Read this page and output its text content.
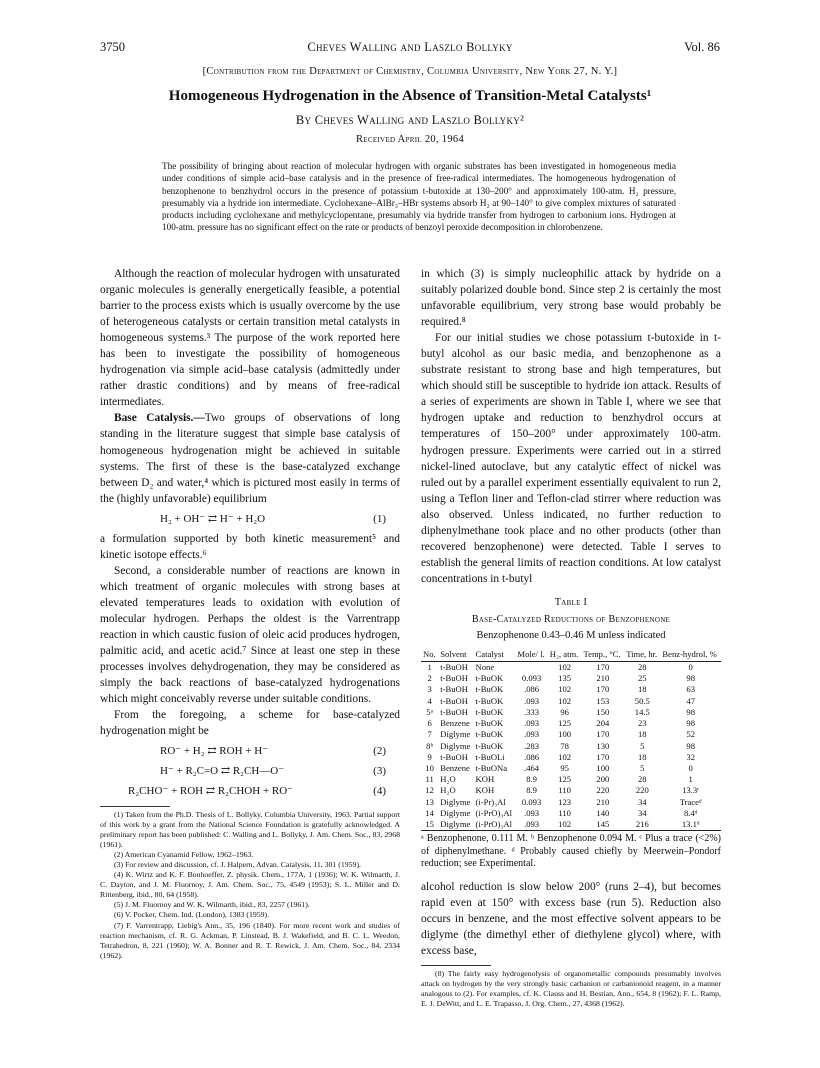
3750	Cheves Walling and Laszlo Bollyky	Vol. 86
[Contribution from the Department of Chemistry, Columbia University, New York 27, N. Y.]
Homogeneous Hydrogenation in the Absence of Transition-Metal Catalysts¹
By Cheves Walling and Laszlo Bollyky²
Received April 20, 1964
The possibility of bringing about reaction of molecular hydrogen with organic substrates has been investigated in homogeneous media under conditions of simple acid–base catalysis and in the presence of free-radical intermediates. The homogeneous hydrogenation of benzophenone to benzhydrol occurs in the presence of potassium t-butoxide at 130–200° and approximately 100-atm. H₂ pressure, presumably via a hydride ion intermediate. Cyclohexane–AlBr₃–HBr systems absorb H₂ at 90–140° to give complex mixtures of saturated products including cyclohexane and methylcyclopentane, presumably via hydride transfer from hydrogen to carbonium ions. Hydrogen at 100-atm. pressure has no significant effect on the rate or products of benzoyl peroxide decomposition in chlorobenzene.

Although the reaction of molecular hydrogen with unsaturated organic molecules is generally energetically feasible, a potential barrier to the process exists which is usually overcome by the use of heterogeneous catalysts or certain transition metal catalysts in homogeneous systems.³ The purpose of the work reported here has been to investigate the possibility of homogeneous hydrogenation via simple acid–base catalysis (admittedly under rather drastic conditions) and by means of free-radical intermediates.

Base Catalysis.—Two groups of observations of long standing in the literature suggest that simple base catalysis of homogeneous hydrogenation might be achieved in suitable systems. The first of these is the base-catalyzed exchange between D₂ and water,⁴ which is pictured most easily in terms of the (highly unfavorable) equilibrium

H₂ + OH⁻ ⇄ H⁻ + H₂O	(1)

a formulation supported by both kinetic measurement⁵ and kinetic isotope effects.⁶

Second, a considerable number of reactions are known in which treatment of organic molecules with strong bases at elevated temperatures leads to oxidation with evolution of molecular hydrogen. Perhaps the oldest is the Varrentrapp reaction in which caustic fusion of oleic acid produces hydrogen, palmitic acid, and acetic acid.⁷ Since at least one step in these processes involves dehydrogenation, they may be considered as simply the back reactions of base-catalyzed hydrogenations which might conceivably reverse under suitable conditions.

From the foregoing, a scheme for base-catalyzed hydrogenation might be

RO⁻ + H₂ ⇄ ROH + H⁻	(2)
H⁻ + R₂C=O ⇄ R₂CH—O⁻	(3)
R₂CHO⁻ + ROH ⇄ R₂CHOH + RO⁻	(4)

(1) Taken from the Ph.D. Thesis of L. Bollyky, Columbia University, 1963. Partial support of this work by a grant from the National Science Foundation is gratefully acknowledged. A preliminary report has been published: C. Walling and L. Bollyky, J. Am. Chem. Soc., 83, 2968 (1961).

(2) American Cyanamid Fellow, 1962–1963.

(3) For review and discussion, cf. J. Halpern, Advan. Catalysis, 11, 301 (1959).

(4) K. Wirtz and K. F. Bonhoeffer, Z. physik. Chem., 177A, 1 (1936); W. K. Wilmarth, J. C. Dayton, and J. M. Fluornoy, J. Am. Chem. Soc., 75, 4549 (1953); S. L. Miller and D. Rittenberg, ibid., 80, 64 (1958).

(5) J. M. Fluornoy and W. K. Wilmarth, ibid., 83, 2257 (1961).

(6) V. Pocker, Chem. Ind. (London), 1383 (1959).

(7) F. Varrentrapp, Liebig's Ann., 35, 196 (1840). For more recent work and studies of reaction mechanism, cf. R. G. Ackman, P. Linstead, B. J. Wakefield, and B. C. L. Weedon, Tetrahedron, 8, 221 (1960); W. A. Bonner and R. T. Rewick, J. Am. Chem. Soc., 84, 2334 (1962).

in which (3) is simply nucleophilic attack by hydride on a suitably polarized double bond. Since step 2 is certainly the most unfavorable equilibrium, very strong base would probably be required.⁸

For our initial studies we chose potassium t-butoxide in t-butyl alcohol as our basic media, and benzophenone as a substrate resistant to strong base and high temperatures, but which should still be susceptible to hydride ion attack. Results of a series of experiments are shown in Table I, where we see that hydrogen uptake and reduction to benzhydrol occurs at temperatures of 150–200° under approximately 100-atm. hydrogen pressure. Experiments were carried out in a stirred nickel-lined autoclave, but any catalytic effect of nickel was ruled out by a parallel experiment essentially equivalent to run 2, using a Teflon liner and Teflon-clad stirrer where reduction was also observed. Unless indicated, no further reduction to diphenylmethane took place and no other products (other than recovered benzophenone) were detected. Table I serves to establish the general limits of reaction conditions. At low catalyst concentrations in t-butyl

Table I
Base-Catalyzed Reductions of Benzophenone
Benzophenone 0.43–0.46 M unless indicated
No.	Solvent	Catalyst	Mole/ l.	H₂, atm.	Temp., °C.	Time, hr.	Benz-hydrol, %
1	t-BuOH	None		102	170	28	0
2	t-BuOH	t-BuOK	0.093	135	210	25	98
3	t-BuOH	t-BuOK	.086	102	170	18	63
4	t-BuOH	t-BuOK	.093	102	153	50.5	47
5ᵃ	t-BuOH	t-BuOK	.333	96	150	14.5	98
6	Benzene	t-BuOK	.093	125	204	23	98
7	Diglyme	t-BuOK	.093	100	170	18	52
8ᵇ	Diglyme	t-BuOK	.283	78	130	5	98
9	t-BuOH	t-BuOLi	.086	102	170	18	32
10	Benzene	t-BuONa	.464	95	100	5	0
11	H₂O	KOH	8.9	125	200	28	1
12	H₂O	KOH	8.9	110	220	220	13.3ᶜ
13	Diglyme	(i-Pr)₃Al	0.093	123	210	34	Traceᵈ
14	Diglyme	(i-PrO)₃Al	.093	110	140	34	8.4ᵈ
15	Diglyme	(i-PrO)₃Al	.093	102	145	216	13.1ᵈ
ᵃ Benzophenone, 0.111 M. ᵇ Benzophenone 0.094 M. ᶜ Plus a trace (<2%) of diphenylmethane. ᵈ Probably caused chiefly by Meerwein–Pondorf reduction; see Experimental.

alcohol reduction is slow below 200° (runs 2–4), but becomes rapid even at 150° with excess base (run 5). Reduction also occurs in benzene, and the most effective solvent appears to be diglyme (the dimethyl ether of diethylene glycol) where, with excess base,

(8) The fairly easy hydrogenolysis of organometallic compounds presumably involves attack on hydrogen by the very strongly basic carbanion or carbanionoid reagent, in a manner analogous to (2). For examples, cf. K. Clauss and H. Bestian, Ann., 654, 8 (1962); F. L. Ramp, E. J. DeWitt, and L. E. Trapasso, J. Org. Chem., 27, 4368 (1962).
